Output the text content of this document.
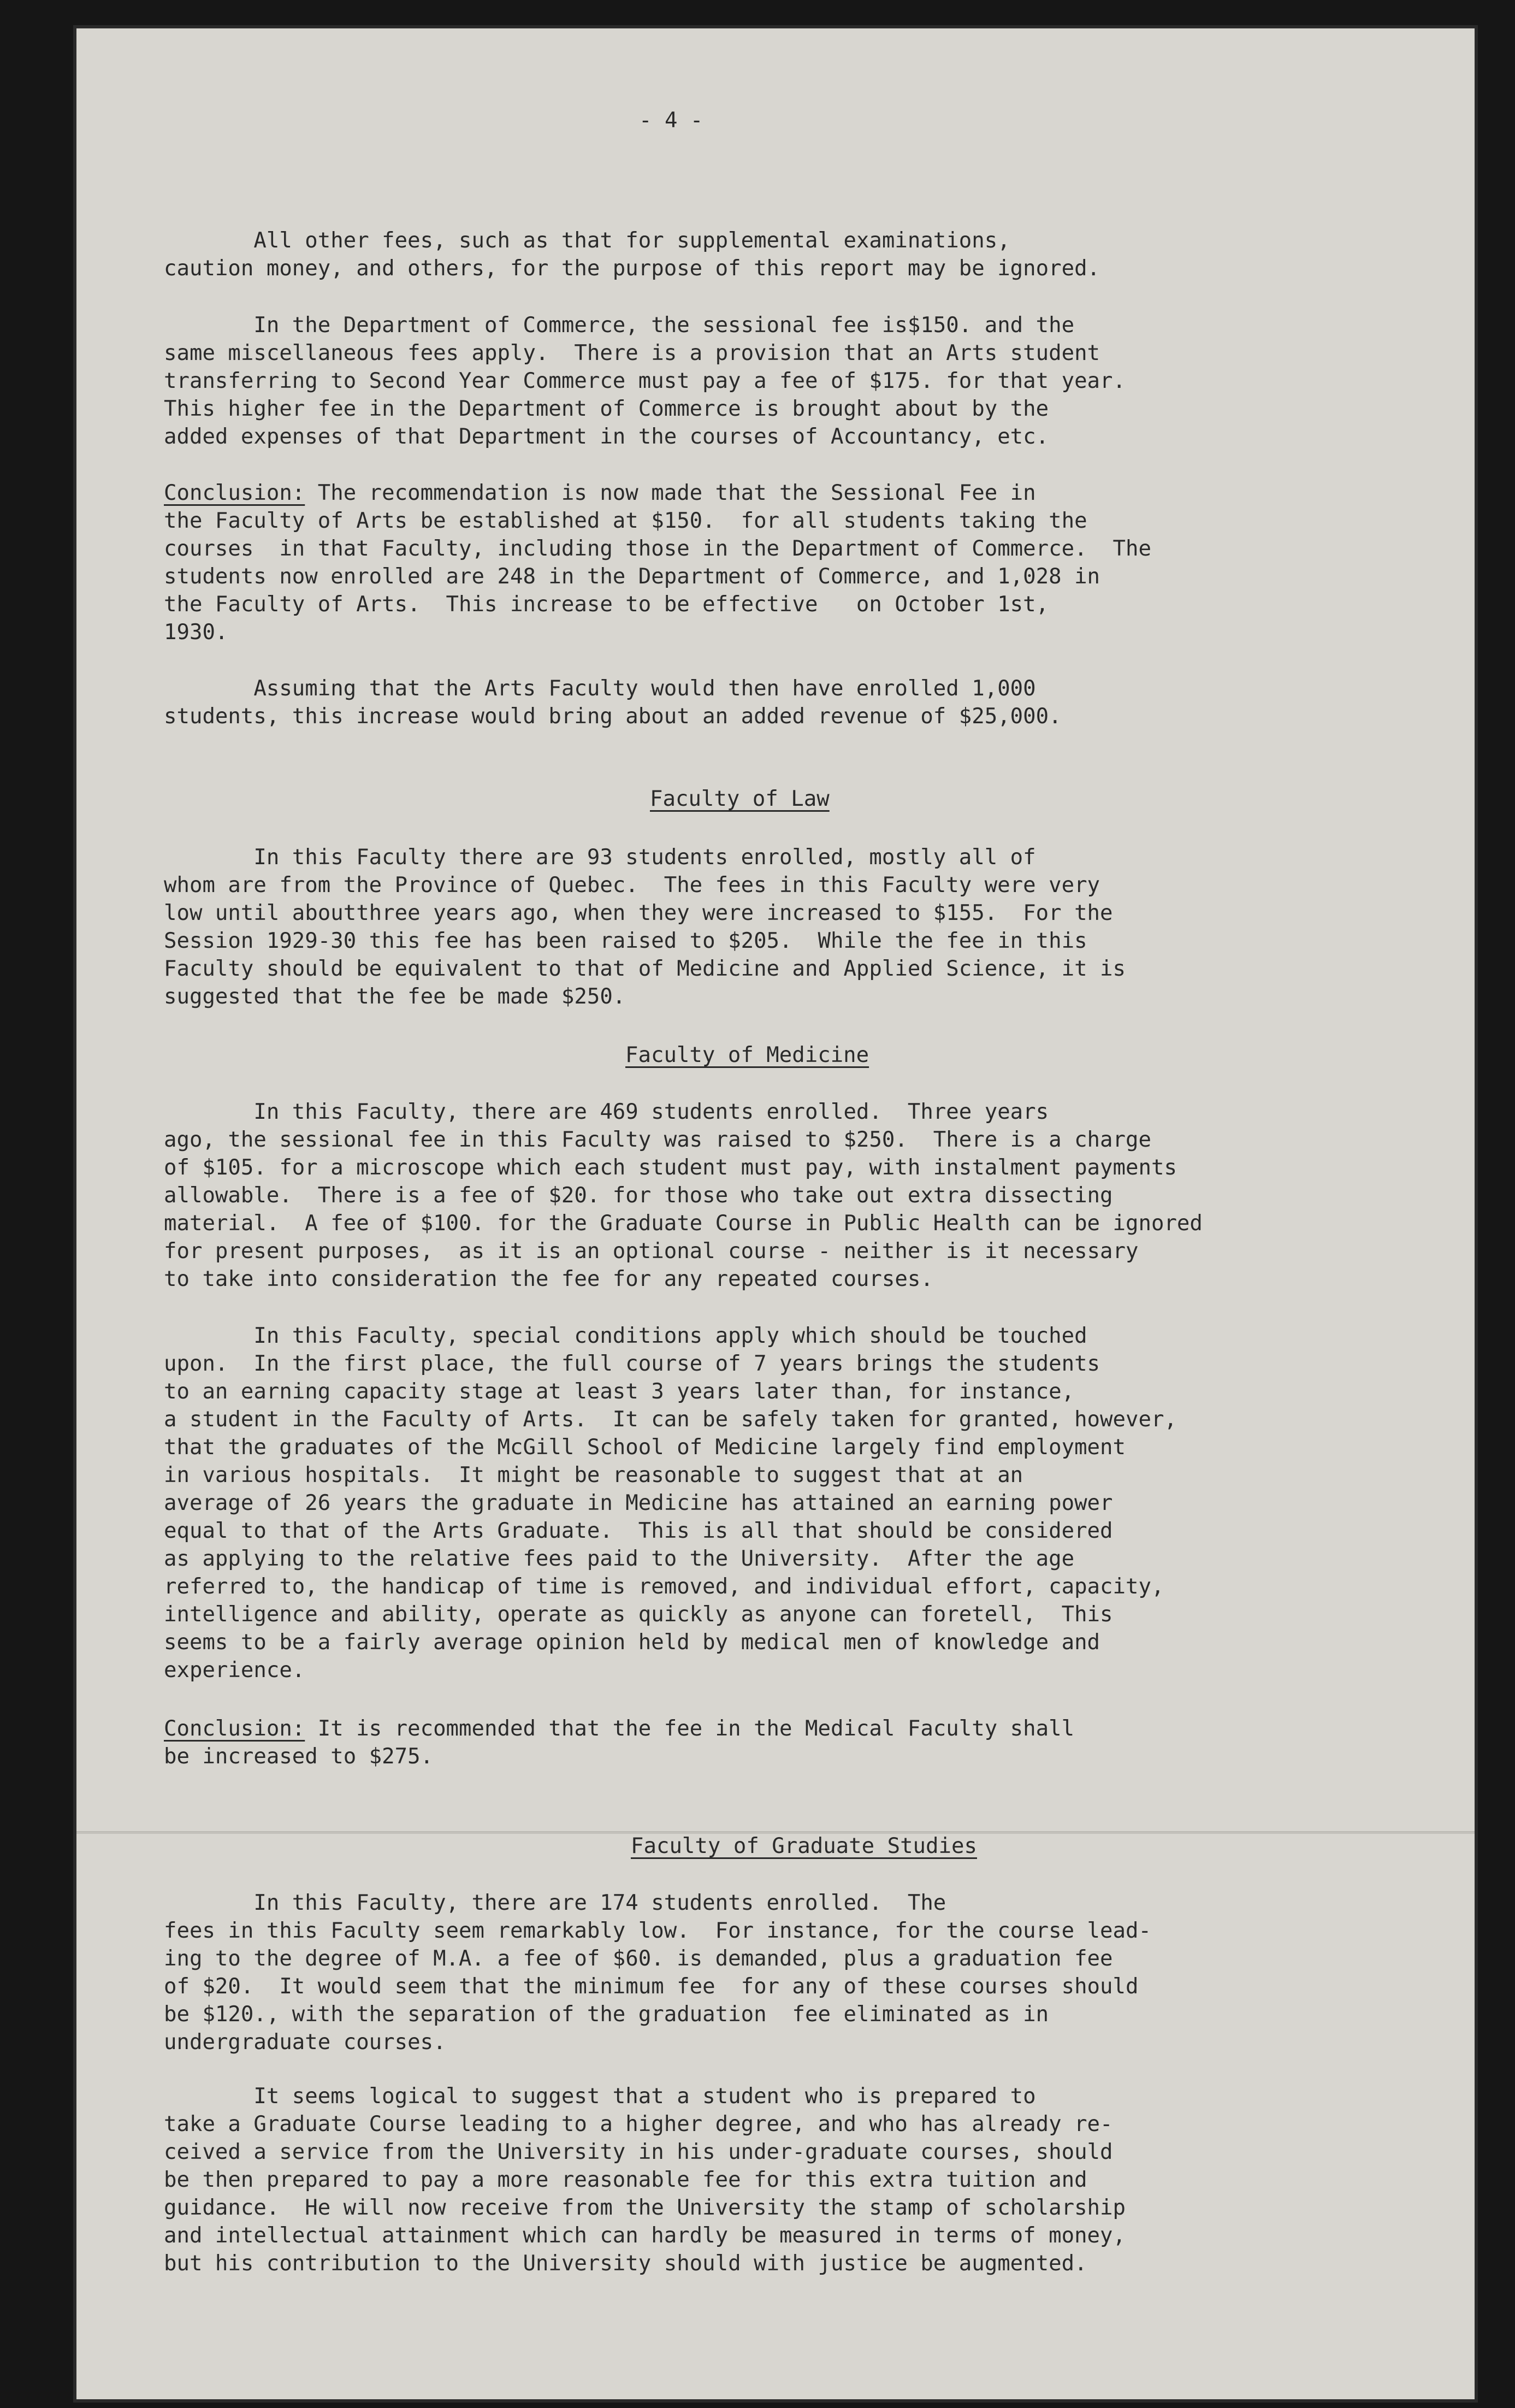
- 4 -
All other fees, such as that for supplemental examinations,
caution money, and others, for the purpose of this report may be ignored.
In the Department of Commerce, the sessional fee is$150. and the
same miscellaneous fees apply.  There is a provision that an Arts student
transferring to Second Year Commerce must pay a fee of $175. for that year.
This higher fee in the Department of Commerce is brought about by the
added expenses of that Department in the courses of Accountancy, etc.
Conclusion: The recommendation is now made that the Sessional Fee in
the Faculty of Arts be established at $150.  for all students taking the
courses  in that Faculty, including those in the Department of Commerce.  The
students now enrolled are 248 in the Department of Commerce, and 1,028 in
the Faculty of Arts.  This increase to be effective   on October 1st,
1930.
Assuming that the Arts Faculty would then have enrolled 1,000
students, this increase would bring about an added revenue of $25,000.
Faculty of Law
In this Faculty there are 93 students enrolled, mostly all of
whom are from the Province of Quebec.  The fees in this Faculty were very
low until aboutthree years ago, when they were increased to $155.  For the
Session 1929-30 this fee has been raised to $205.  While the fee in this
Faculty should be equivalent to that of Medicine and Applied Science, it is
suggested that the fee be made $250.
Faculty of Medicine
In this Faculty, there are 469 students enrolled.  Three years
ago, the sessional fee in this Faculty was raised to $250.  There is a charge
of $105. for a microscope which each student must pay, with instalment payments
allowable.  There is a fee of $20. for those who take out extra dissecting
material.  A fee of $100. for the Graduate Course in Public Health can be ignored
for present purposes,  as it is an optional course - neither is it necessary
to take into consideration the fee for any repeated courses.
In this Faculty, special conditions apply which should be touched
upon.  In the first place, the full course of 7 years brings the students
to an earning capacity stage at least 3 years later than, for instance,
a student in the Faculty of Arts.  It can be safely taken for granted, however,
that the graduates of the McGill School of Medicine largely find employment
in various hospitals.  It might be reasonable to suggest that at an
average of 26 years the graduate in Medicine has attained an earning power
equal to that of the Arts Graduate.  This is all that should be considered
as applying to the relative fees paid to the University.  After the age
referred to, the handicap of time is removed, and individual effort, capacity,
intelligence and ability, operate as quickly as anyone can foretell,  This
seems to be a fairly average opinion held by medical men of knowledge and
experience.
Conclusion: It is recommended that the fee in the Medical Faculty shall
be increased to $275.
Faculty of Graduate Studies
In this Faculty, there are 174 students enrolled.  The
fees in this Faculty seem remarkably low.  For instance, for the course lead-
ing to the degree of M.A. a fee of $60. is demanded, plus a graduation fee
of $20.  It would seem that the minimum fee  for any of these courses should
be $120., with the separation of the graduation  fee eliminated as in
undergraduate courses.
It seems logical to suggest that a student who is prepared to
take a Graduate Course leading to a higher degree, and who has already re-
ceived a service from the University in his under-graduate courses, should
be then prepared to pay a more reasonable fee for this extra tuition and
guidance.  He will now receive from the University the stamp of scholarship
and intellectual attainment which can hardly be measured in terms of money,
but his contribution to the University should with justice be augmented.
